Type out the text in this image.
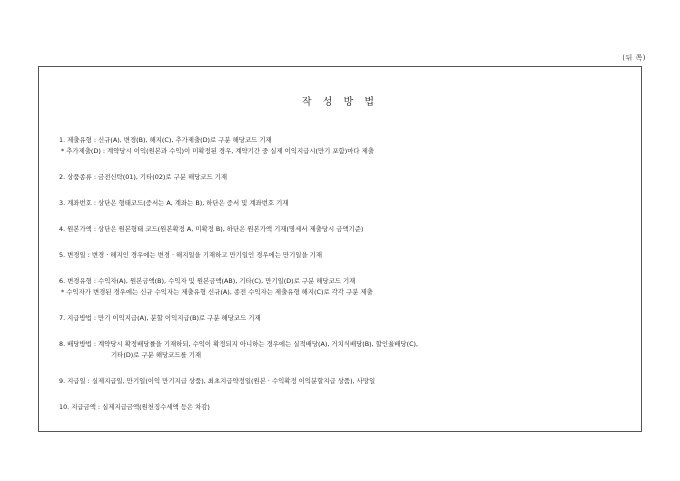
(뒤 쪽)
작 성 방 법
1. 제출유형 : 신규(A), 변경(B), 해지(C), 추가제출(D)로 구분 해당코드 기재
* 추가제출(D) : 계약당시 이익(원본과 수익)이 미확정된 경우, 계약기간 중 실제 이익지급시(만기 포함)마다 제출
2. 상품종류 : 금전신탁(01), 기타(02)로 구분 해당코드 기재
3. 계좌번호 : 상단은 형태코드(증서는 A, 계좌는 B), 하단은 증서 및 계좌번호 기재
4. 원본가액 : 상단은 원본형태 코드(원본확정 A, 미확정 B), 하단은 원본가액 기재(명세서 제출당시 금액기준)
5. 변경일 : 변경 · 해지인 경우에는 변경 · 해지일을 기재하고 만기일인 경우에는 만기일을 기재
6. 변경유형 : 수익자(A), 원본금액(B), 수익자 및 원본금액(AB), 기타(C), 만기일(D)로 구분 해당코드 기재
* 수익자가 변경된 경우에는 신규 수익자는 제출유형 신규(A), 종전 수익자는 제출유형 해지(C)로 각각 구분 제출
7. 지급방법 : 만기 이익지급(A), 분할 이익지급(B)로 구분 해당코드 기재
8. 배당방법 : 계약당시 확정배당률을 기재하되, 수익이 확정되지 아니하는 경우에는 실적배당(A), 거치식배당(B), 할인율배당(C),
기타(D)로 구분 해당코드를 기재
9. 지급일 : 실제지급일, 만기일(이익 만기지급 상품), 최초지급약정일(원본 · 수익확정 이익분할지급 상품), 사망일
10. 지급금액 : 실제지급금액(원천징수세액 등은 차감)
